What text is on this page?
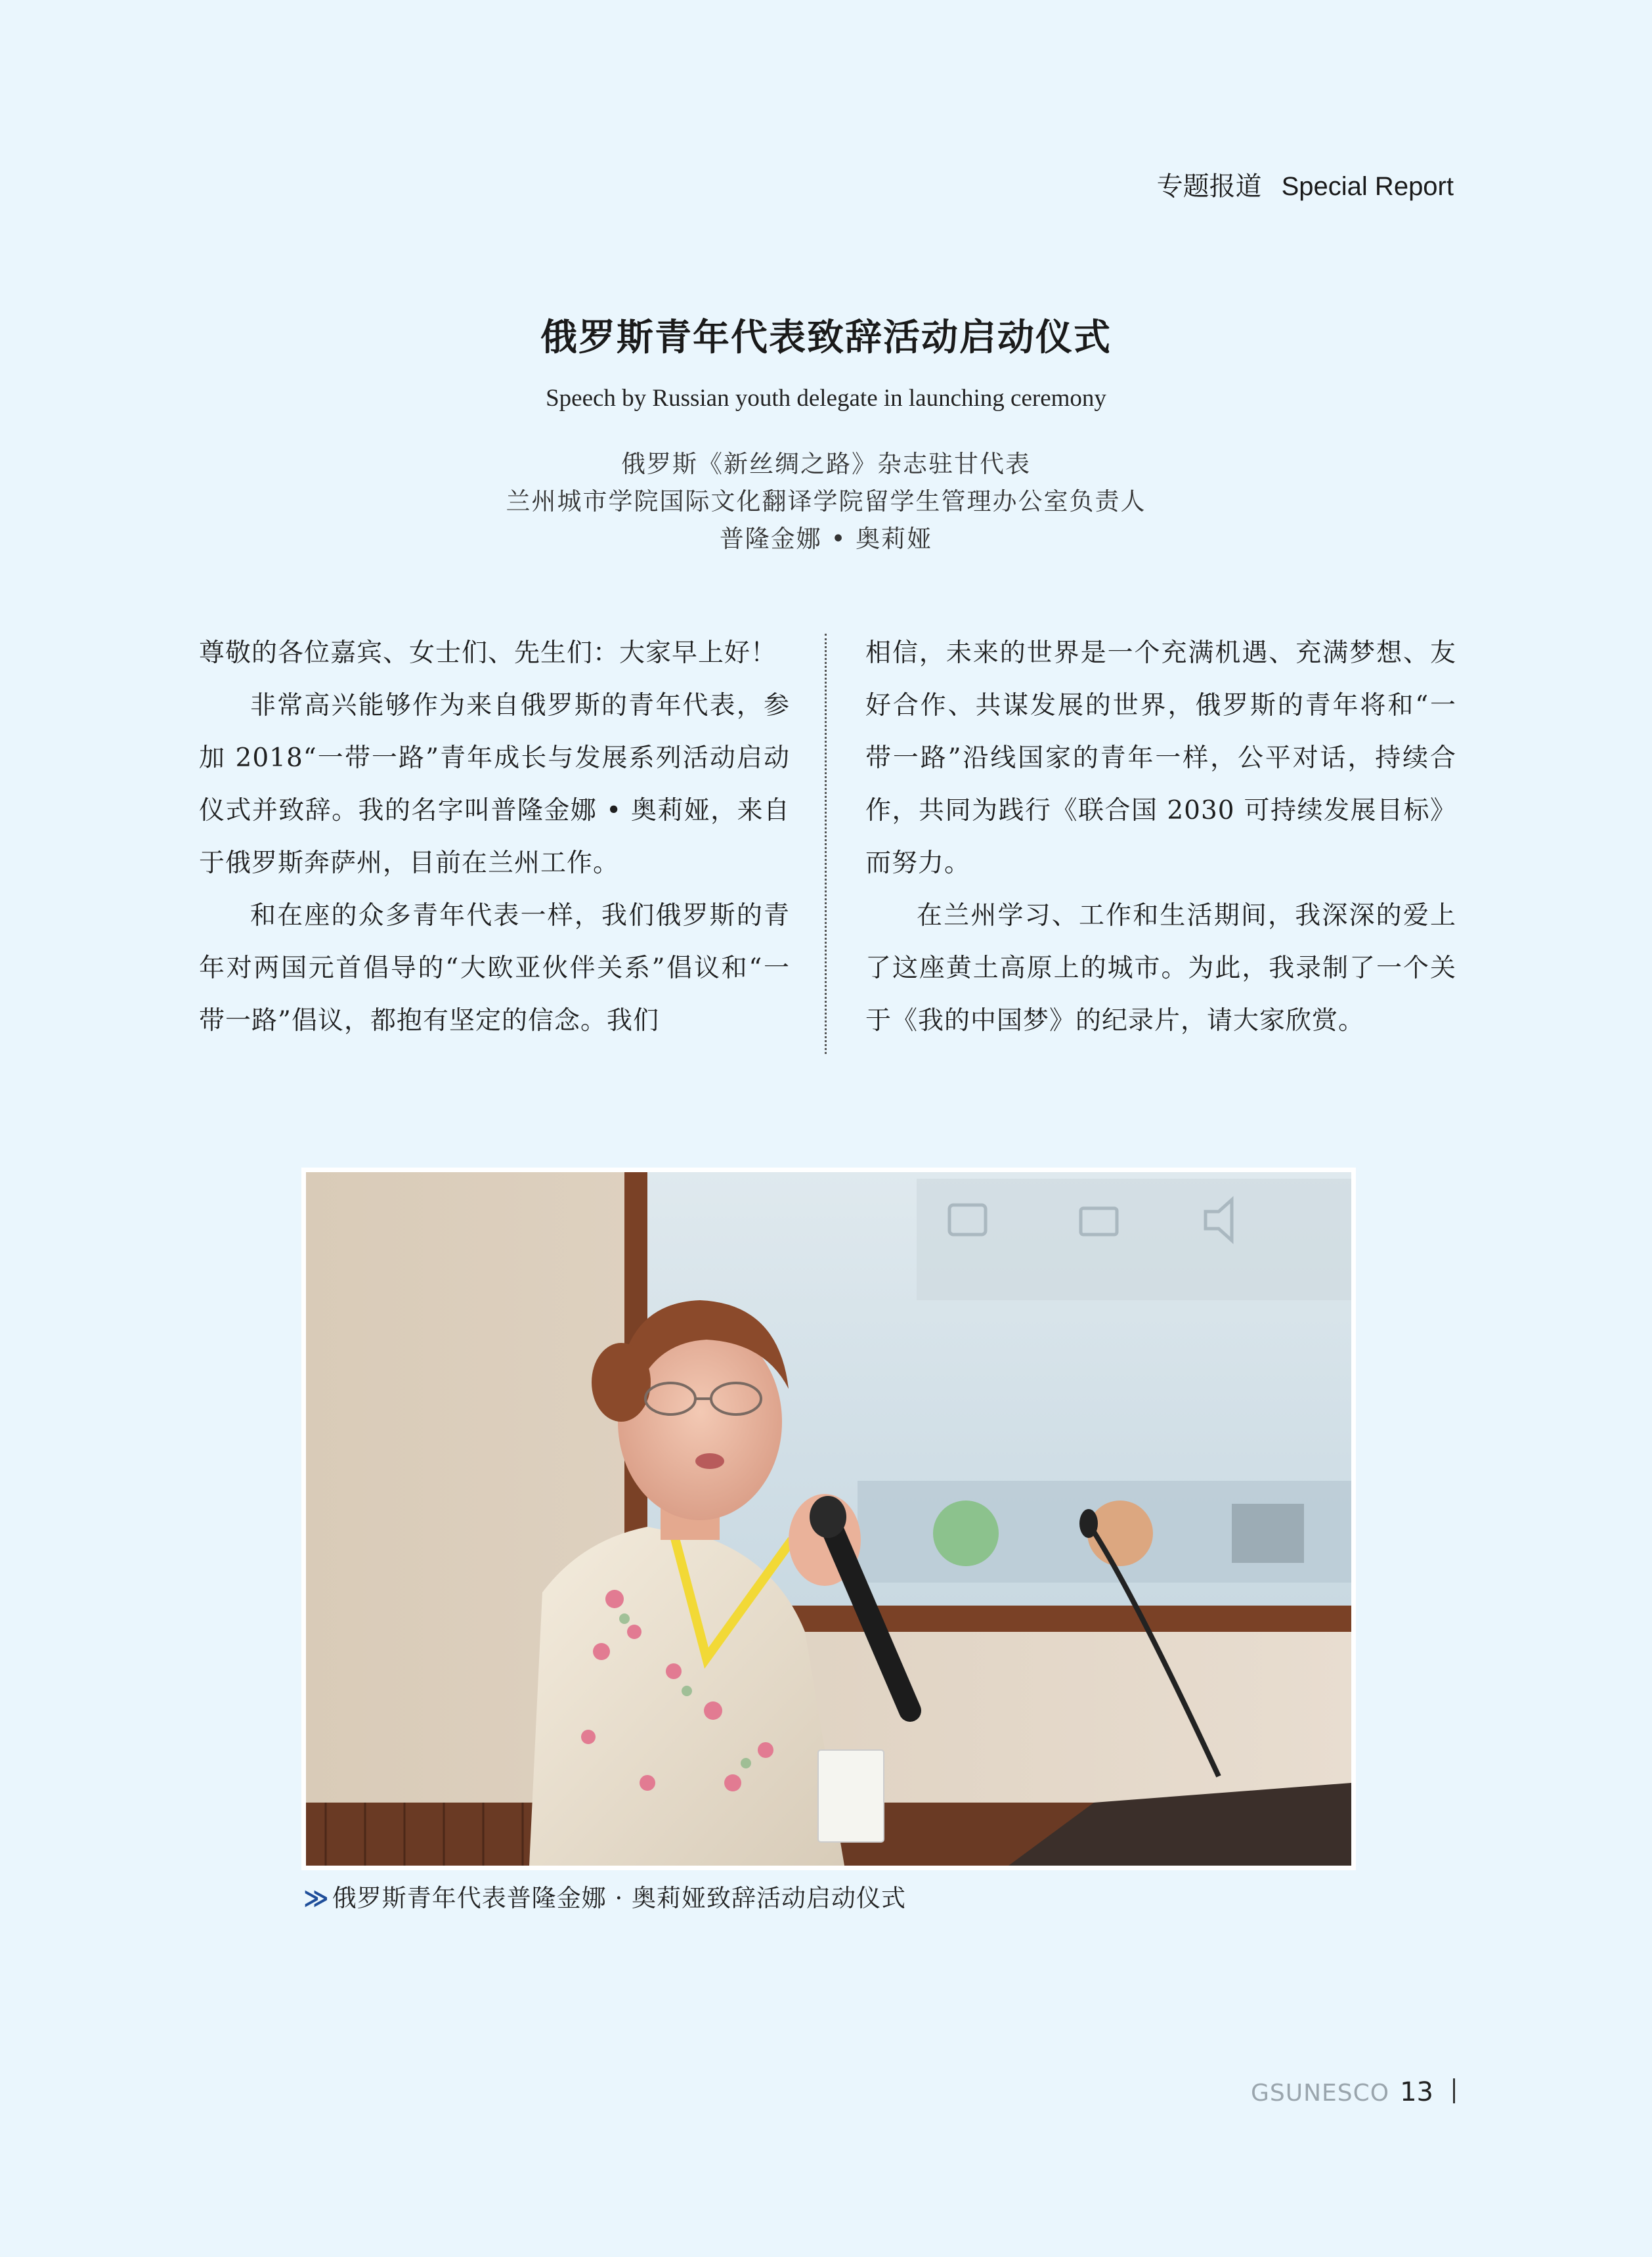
专题报道 Special Report
俄罗斯青年代表致辞活动启动仪式
Speech by Russian youth delegate in launching ceremony
俄罗斯《新丝绸之路》杂志驻甘代表
兰州城市学院国际文化翻译学院留学生管理办公室负责人
普隆金娜 • 奥莉娅

尊敬的各位嘉宾、女士们、先生们：大家早上好！

非常高兴能够作为来自俄罗斯的青年代表，参加 2018“一带一路”青年成长与发展系列活动启动仪式并致辞。我的名字叫普隆金娜 • 奥莉娅，来自于俄罗斯奔萨州，目前在兰州工作。

和在座的众多青年代表一样，我们俄罗斯的青年对两国元首倡导的“大欧亚伙伴关系”倡议和“一带一路”倡议，都抱有坚定的信念。我们

相信，未来的世界是一个充满机遇、充满梦想、友好合作、共谋发展的世界，俄罗斯的青年将和“一带一路”沿线国家的青年一样，公平对话，持续合作，共同为践行《联合国 2030 可持续发展目标》而努力。

在兰州学习、工作和生活期间，我深深的爱上了这座黄土高原上的城市。为此，我录制了一个关于《我的中国梦》的纪录片，请大家欣赏。

≫ 俄罗斯青年代表普隆金娜 · 奥莉娅致辞活动启动仪式
GSUNESCO 13
